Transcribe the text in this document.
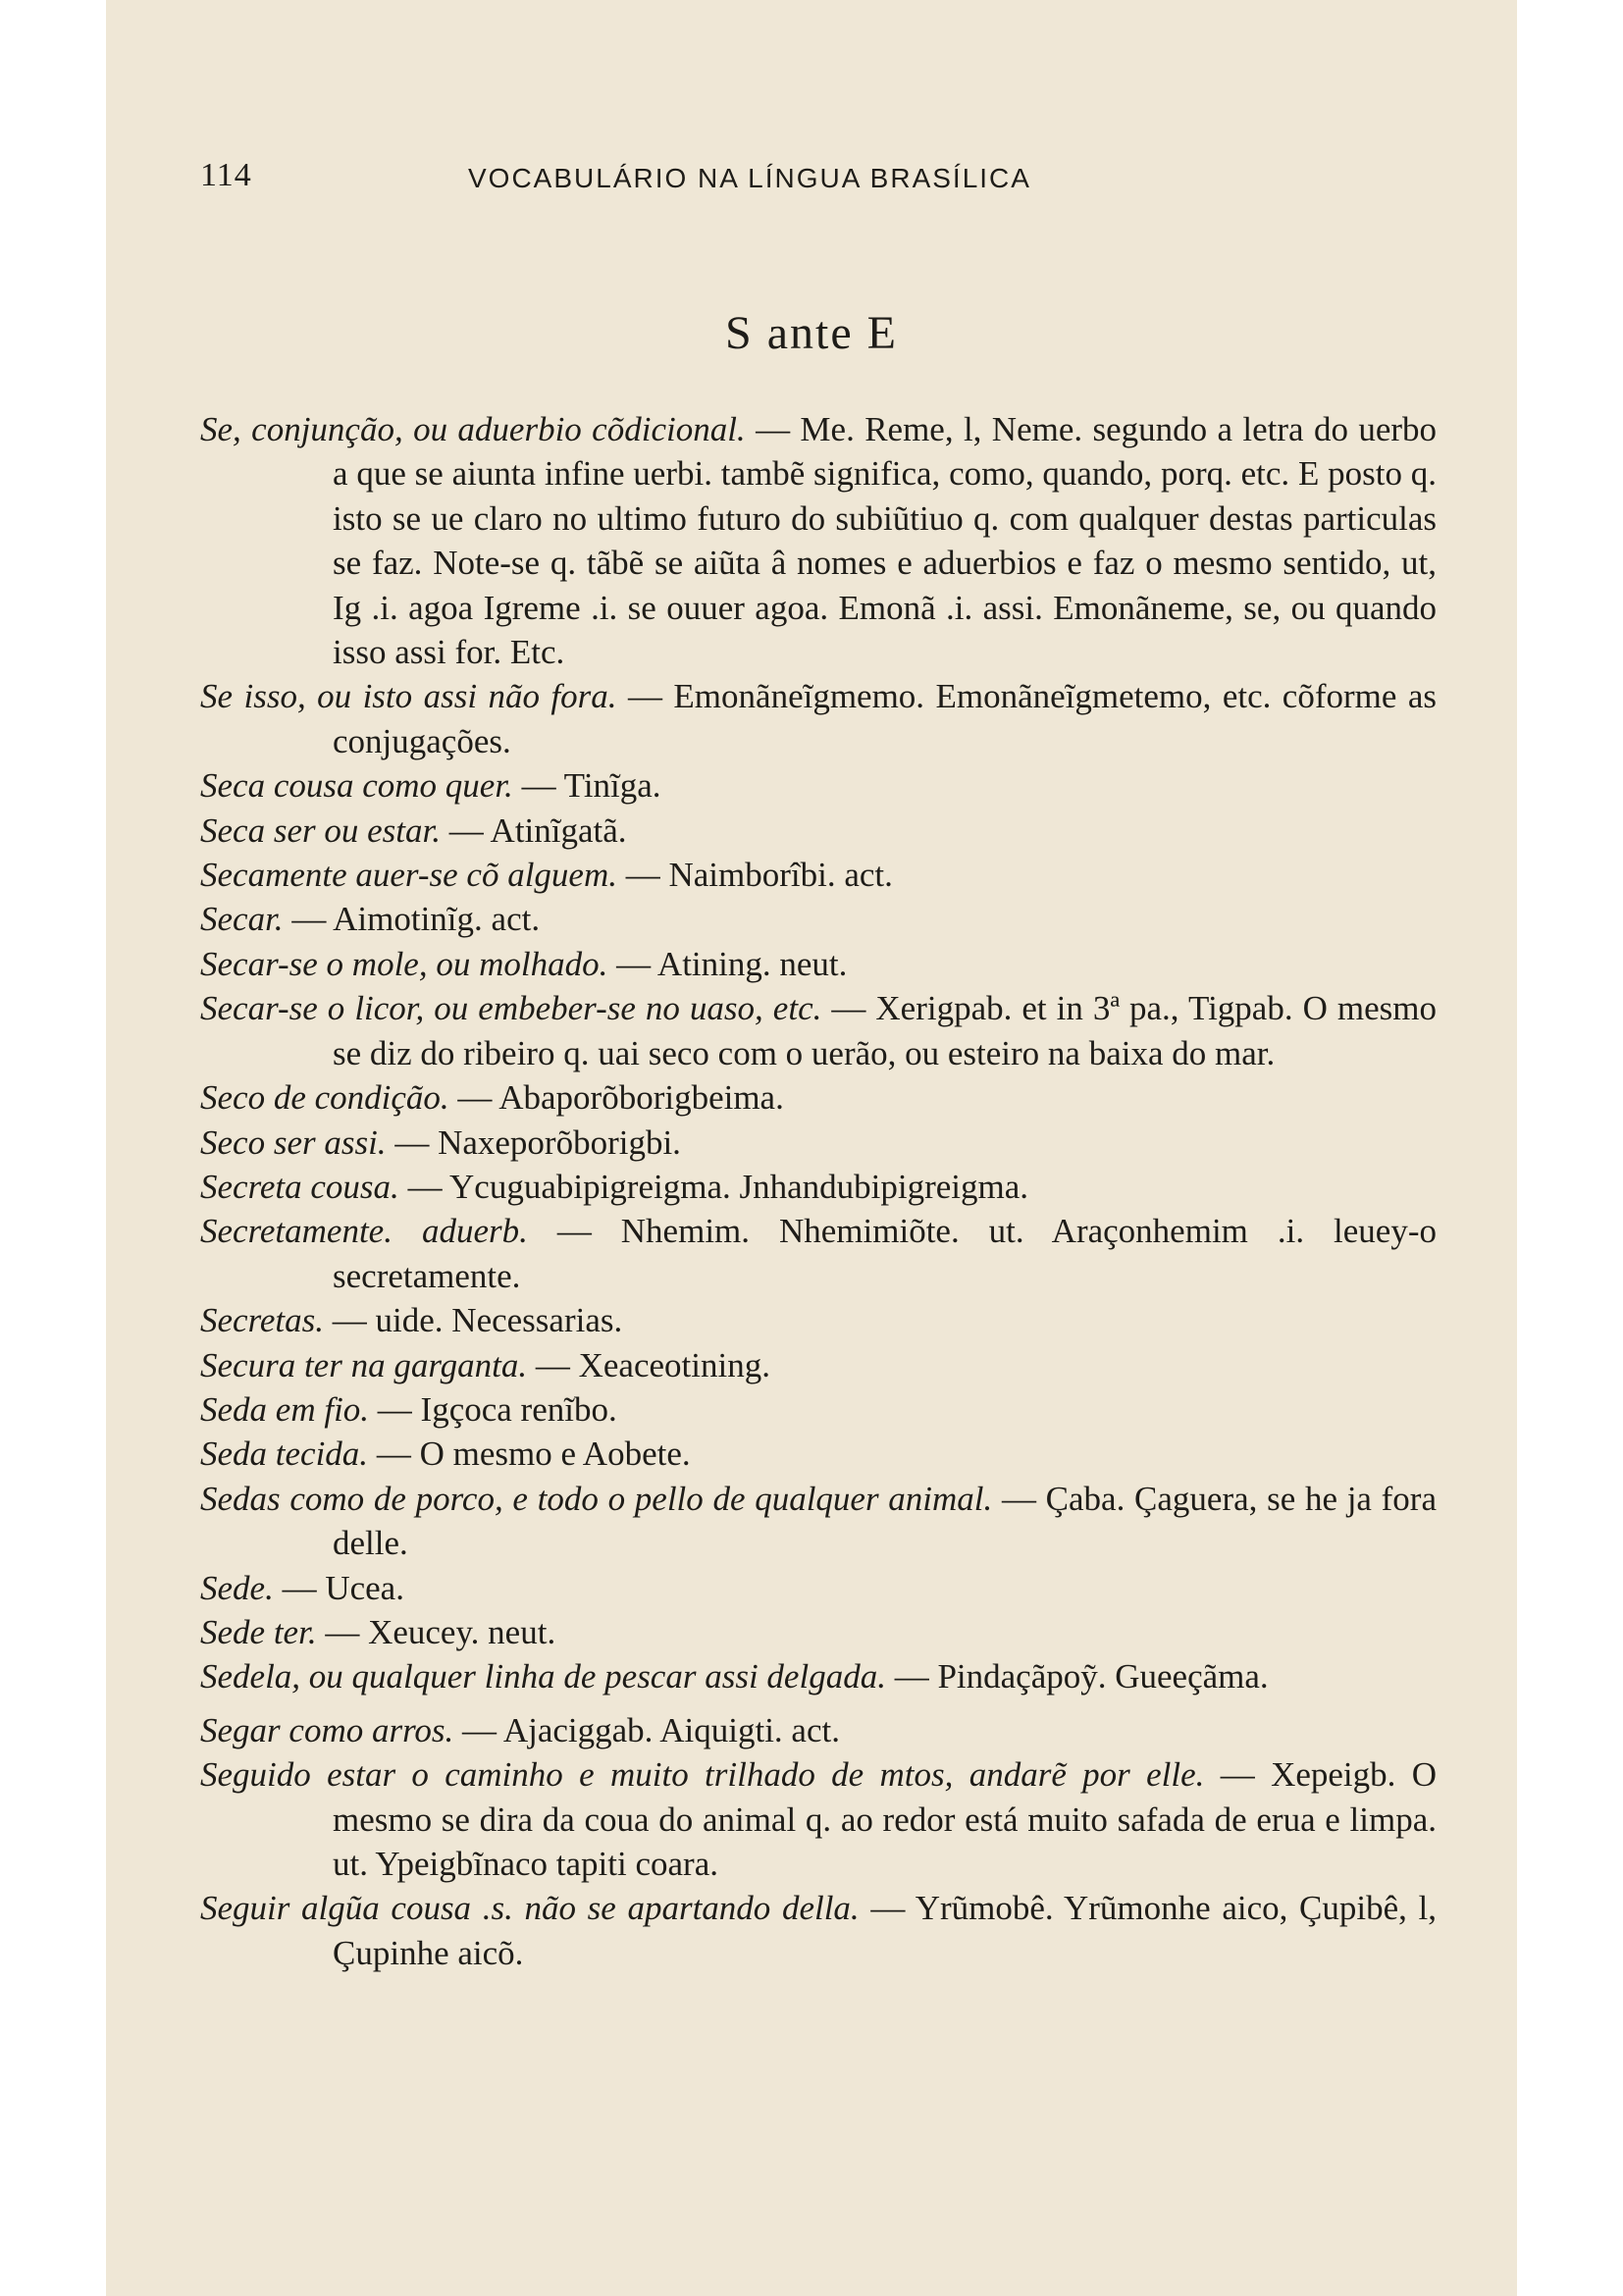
114	VOCABULÁRIO NA LÍNGUA BRASÍLICA
S ante E
Se, conjunção, ou aduerbio cõdicional. — Me. Reme, l, Neme. segundo a letra do uerbo a que se aiunta infine uerbi. tambẽ significa, como, quando, porq. etc. E posto q. isto se ue claro no ultimo futuro do subiũtiuo q. com qualquer destas particulas se faz. Note-se q. tãbẽ se aiũta â nomes e aduerbios e faz o mesmo sentido, ut, Ig .i. agoa Igreme .i. se ouuer agoa. Emonã .i. assi. Emonãneme, se, ou quando isso assi for. Etc.
Se isso, ou isto assi não fora. — Emonãneĩgmemo. Emonãneĩgmetemo, etc. cõforme as conjugações.
Seca cousa como quer. — Tinĩga.
Seca ser ou estar. — Atinĩgatã.
Secamente auer-se cõ alguem. — Naimborîbi. act.
Secar. — Aimotinĩg. act.
Secar-se o mole, ou molhado. — Atining. neut.
Secar-se o licor, ou embeber-se no uaso, etc. — Xerigpab. et in 3ª pa., Tigpab. O mesmo se diz do ribeiro q. uai seco com o uerão, ou esteiro na baixa do mar.
Seco de condição. — Abaporõborigbeima.
Seco ser assi. — Naxeporõborigbi.
Secreta cousa. — Ycuguabipigreigma. Jnhandubipigreigma.
Secretamente. aduerb. — Nhemim. Nhemimiõte. ut. Araçonhemim .i. leuey-o secretamente.
Secretas. — uide. Necessarias.
Secura ter na garganta. — Xeaceotining.
Seda em fio. — Igçoca renĩbo.
Seda tecida. — O mesmo e Aobete.
Sedas como de porco, e todo o pello de qualquer animal. — Çaba. Çaguera, se he ja fora delle.
Sede. — Ucea.
Sede ter. — Xeucey. neut.
Sedela, ou qualquer linha de pescar assi delgada. — Pindaçãpoỹ. Gueeçãma.
Segar como arros. — Ajaciggab. Aiquigti. act.
Seguido estar o caminho e muito trilhado de mtos, andarẽ por elle. — Xepeigb. O mesmo se dira da coua do animal q. ao redor está muito safada de erua e limpa. ut. Ypeigbĩnaco tapiti coara.
Seguir algũa cousa .s. não se apartando della. — Yrũmobê. Yrũmonhe aico, Çupibê, l, Çupinhe aicõ.
